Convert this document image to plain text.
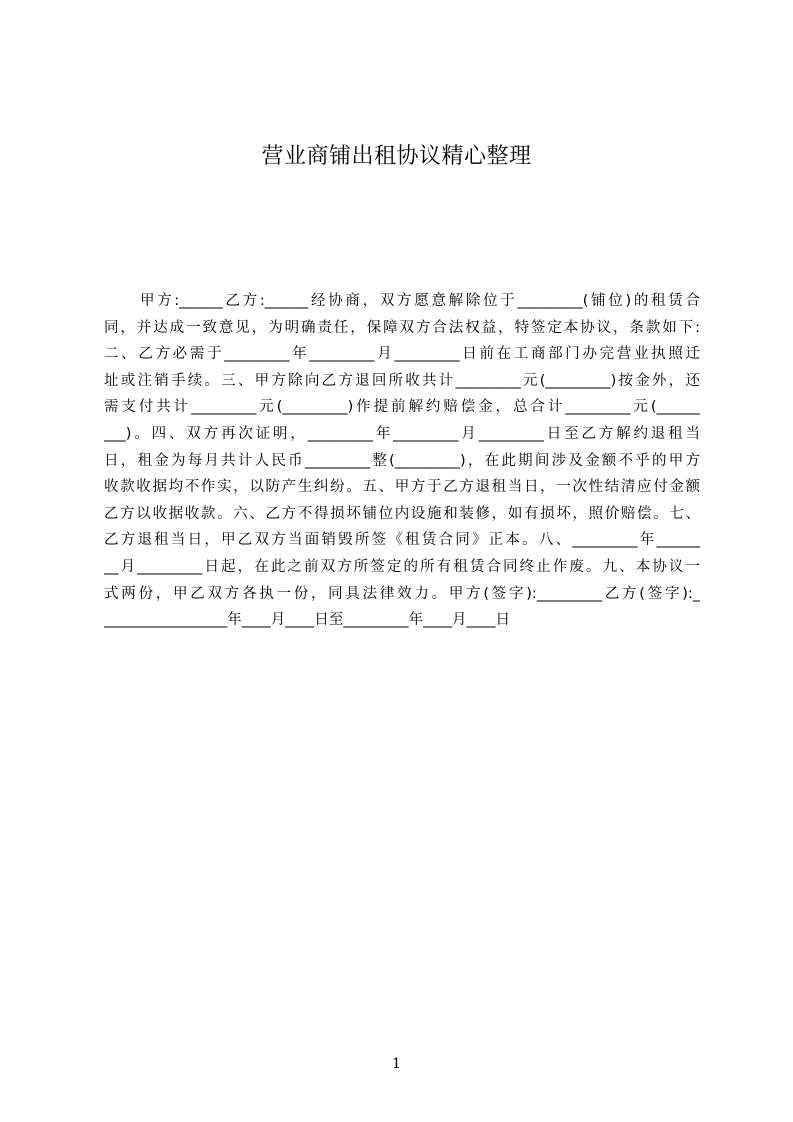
营业商铺出租协议精心整理
甲方:______乙方:______经协商，双方愿意解除位于_________(铺位)的租赁合
同，并达成一致意见，为明确责任，保障双方合法权益，特签定本协议，条款如下:
二、乙方必需于_________年_________月_________日前在工商部门办完营业执照迁
址或注销手续。三、甲方除向乙方退回所收共计_________元(_________)按金外，还
需支付共计_________元(_________)作提前解约赔偿金，总合计_________元(______
___)。四、双方再次证明，_________年_________月_________日至乙方解约退租当
日，租金为每月共计人民币_________整(_________)，在此期间涉及金额不乎的甲方
收款收据均不作实，以防产生纠纷。五、甲方于乙方退租当日，一次性结清应付金额
乙方以收据收款。六、乙方不得损坏铺位内设施和装修，如有损坏，照价赔偿。七、
乙方退租当日，甲乙双方当面销毁所签《租赁合同》正本。八、_________年______
__月_________日起，在此之前双方所签定的所有租赁合同终止作废。九、本协议一
式两份，甲乙双方各执一份，同具法律效力。甲方(签字):_________乙方(签字):_
_________________年____月____日至_________年____月____日
1
